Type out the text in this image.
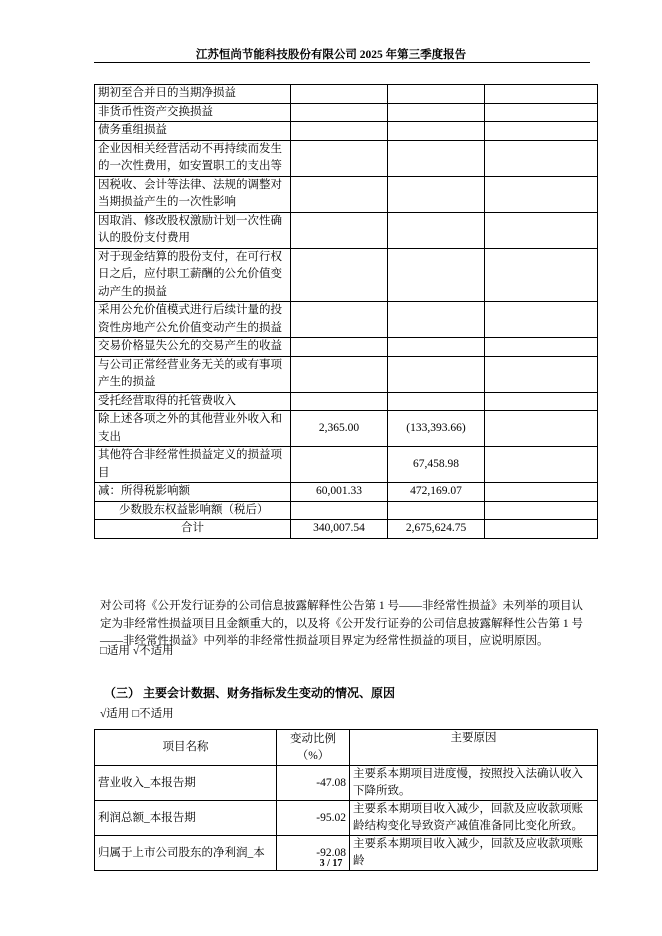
江苏恒尚节能科技股份有限公司 2025 年第三季度报告
期初至合并日的当期净损益			
非货币性资产交换损益			
债务重组损益			
企业因相关经营活动不再持续而发生的一次性费用，如安置职工的支出等			
因税收、会计等法律、法规的调整对当期损益产生的一次性影响			
因取消、修改股权激励计划一次性确认的股份支付费用			
对于现金结算的股份支付，在可行权日之后，应付职工薪酬的公允价值变动产生的损益			
采用公允价值模式进行后续计量的投资性房地产公允价值变动产生的损益			
交易价格显失公允的交易产生的收益			
与公司正常经营业务无关的或有事项产生的损益			
受托经营取得的托管费收入			
除上述各项之外的其他营业外收入和支出	2,365.00	(133,393.66)	
其他符合非经常性损益定义的损益项目		67,458.98	
减：所得税影响额	60,001.33	472,169.07	
少数股东权益影响额（税后）			
合计	340,007.54	2,675,624.75	
对公司将《公开发行证券的公司信息披露解释性公告第 1 号——非经常性损益》未列举的项目认定为非经常性损益项目且金额重大的，以及将《公开发行证券的公司信息披露解释性公告第 1 号——非经常性损益》中列举的非经常性损益项目界定为经常性损益的项目，应说明原因。
□适用 √不适用
（三） 主要会计数据、财务指标发生变动的情况、原因
√适用 □不适用
项目名称	变动比例（%）	主要原因
营业收入_本报告期	-47.08	主要系本期项目进度慢，按照投入法确认收入下降所致。
利润总额_本报告期	-95.02	主要系本期项目收入减少，回款及应收款项账龄结构变化导致资产减值准备同比变化所致。
归属于上市公司股东的净利润_本	-92.08	主要系本期项目收入减少，回款及应收款项账龄
3 / 17
